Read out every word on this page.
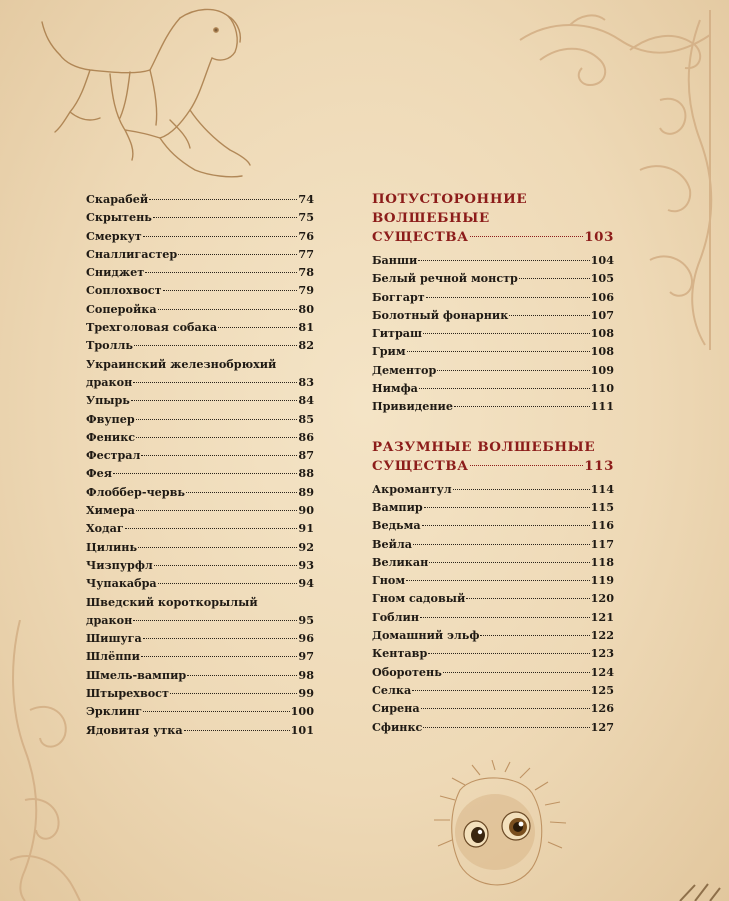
Скарабей	74
Скрытень	75
Смеркут	76
Сналлигастер	77
Сниджет	78
Соплохвост	79
Соперойка	80
Трехголовая собака	81
Тролль	82
Украинский железнобрюхий
дракон	83
Упырь	84
Фвупер	85
Феникс	86
Фестрал	87
Фея	88
Флоббер-червь	89
Химера	90
Ходаг	91
Цилинь	92
Чизпурфл	93
Чупакабра	94
Шведский короткорылый
дракон	95
Шишуга	96
Шлёппи	97
Шмель-вампир	98
Штырехвост	99
Эрклинг	100
Ядовитая утка	101
ПОТУСТОРОННИЕ
ВОЛШЕБНЫЕ
СУЩЕСТВА	103
Банши	104
Белый речной монстр	105
Боггарт	106
Болотный фонарник	107
Гитраш	108
Грим	108
Дементор	109
Нимфа	110
Привидение	111
РАЗУМНЫЕ ВОЛШЕБНЫЕ
СУЩЕСТВА	113
Акромантул	114
Вампир	115
Ведьма	116
Вейла	117
Великан	118
Гном	119
Гном садовый	120
Гоблин	121
Домашний эльф	122
Кентавр	123
Оборотень	124
Селка	125
Сирена	126
Сфинкс	127
